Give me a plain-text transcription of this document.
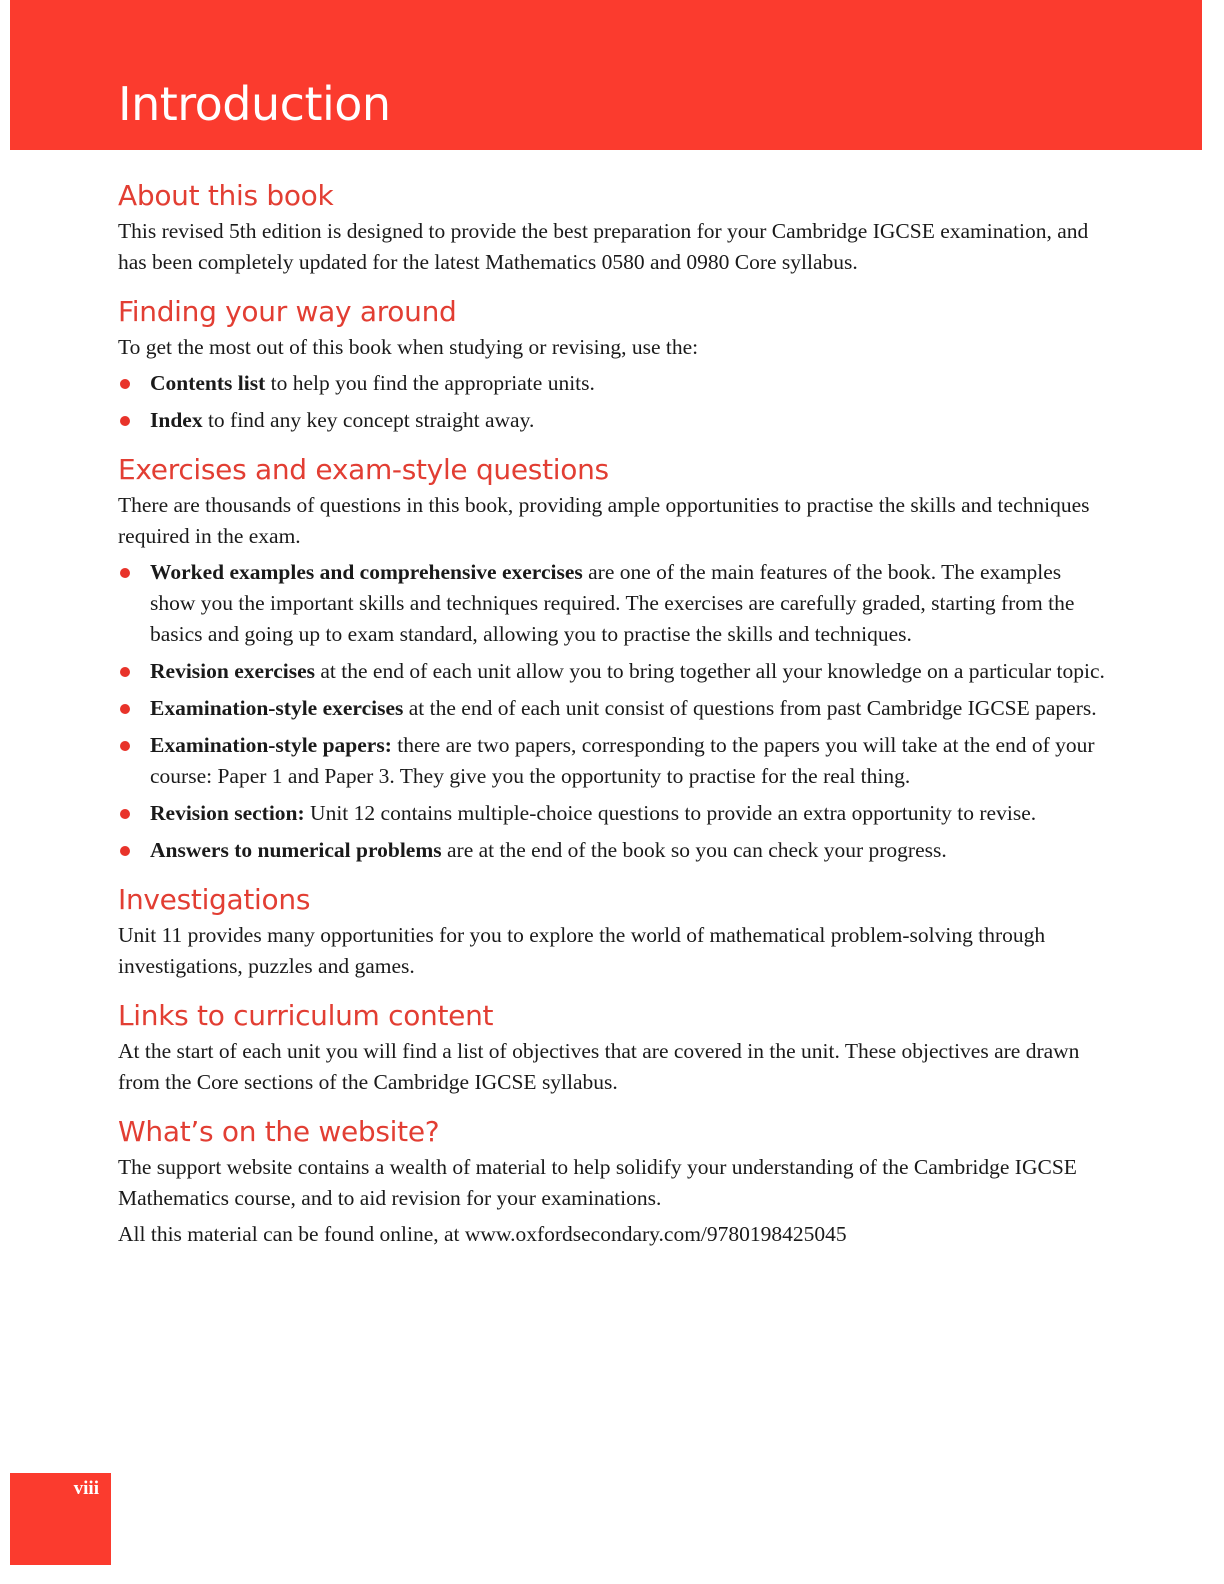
Introduction
About this book

This revised 5th edition is designed to provide the best preparation for your Cambridge IGCSE examination, and has been completely updated for the latest Mathematics 0580 and 0980 Core syllabus.

Finding your way around

To get the most out of this book when studying or revising, use the:

Contents list to help you find the appropriate units.
Index to find any key concept straight away.
Exercises and exam-style questions

There are thousands of questions in this book, providing ample opportunities to practise the skills and techniques required in the exam.

Worked examples and comprehensive exercises are one of the main features of the book. The examples show you the important skills and techniques required. The exercises are carefully graded, starting from the basics and going up to exam standard, allowing you to practise the skills and techniques.
Revision exercises at the end of each unit allow you to bring together all your knowledge on a particular topic.
Examination-style exercises at the end of each unit consist of questions from past Cambridge IGCSE papers.
Examination-style papers: there are two papers, corresponding to the papers you will take at the end of your course: Paper 1 and Paper 3. They give you the opportunity to practise for the real thing.
Revision section: Unit 12 contains multiple-choice questions to provide an extra opportunity to revise.
Answers to numerical problems are at the end of the book so you can check your progress.
Investigations

Unit 11 provides many opportunities for you to explore the world of mathematical problem-solving through investigations, puzzles and games.

Links to curriculum content

At the start of each unit you will find a list of objectives that are covered in the unit. These objectives are drawn from the Core sections of the Cambridge IGCSE syllabus.

What’s on the website?

The support website contains a wealth of material to help solidify your understanding of the Cambridge IGCSE Mathematics course, and to aid revision for your examinations.

All this material can be found online, at www.oxfordsecondary.com/9780198425045

viii
